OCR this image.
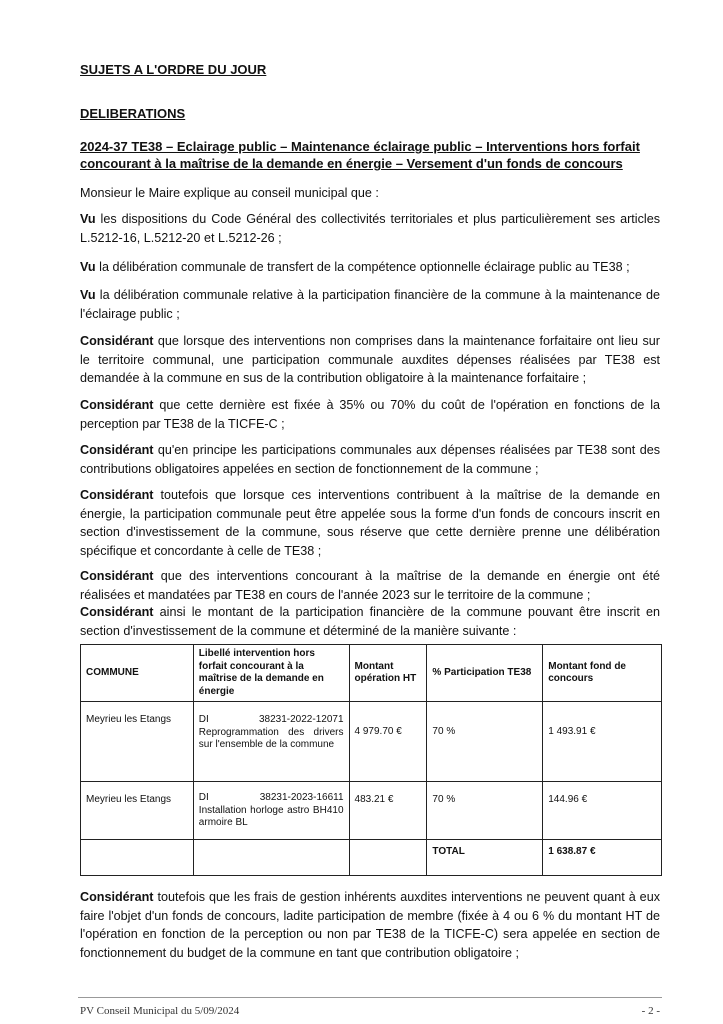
SUJETS A L'ORDRE DU JOUR
DELIBERATIONS
2024-37 TE38 – Eclairage public – Maintenance éclairage public – Interventions hors forfait concourant à la maîtrise de la demande en énergie – Versement d'un fonds de concours
Monsieur le Maire explique au conseil municipal que :
Vu les dispositions du Code Général des collectivités territoriales et plus particulièrement ses articles L.5212-16, L.5212-20 et L.5212-26 ;
Vu la délibération communale de transfert de la compétence optionnelle éclairage public au TE38 ;
Vu la délibération communale relative à la participation financière de la commune à la maintenance de l'éclairage public ;
Considérant que lorsque des interventions non comprises dans la maintenance forfaitaire ont lieu sur le territoire communal, une participation communale auxdites dépenses réalisées par TE38 est demandée à la commune en sus de la contribution obligatoire à la maintenance forfaitaire ;
Considérant que cette dernière est fixée à 35% ou 70% du coût de l'opération en fonctions de la perception par TE38 de la TICFE-C ;
Considérant qu'en principe les participations communales aux dépenses réalisées par TE38 sont des contributions obligatoires appelées en section de fonctionnement de la commune ;
Considérant toutefois que lorsque ces interventions contribuent à la maîtrise de la demande en énergie, la participation communale peut être appelée sous la forme d'un fonds de concours inscrit en section d'investissement de la commune, sous réserve que cette dernière prenne une délibération spécifique et concordante à celle de TE38 ;
Considérant que des interventions concourant à la maîtrise de la demande en énergie ont été réalisées et mandatées par TE38 en cours de l'année 2023 sur le territoire de la commune ;
Considérant ainsi le montant de la participation financière de la commune pouvant être inscrit en section d'investissement de la commune et déterminé de la manière suivante :
COMMUNE	Libellé intervention hors forfait concourant à la maîtrise de la demande en énergie	Montant opération HT	% Participation TE38	Montant fond de concours
Meyrieu les Etangs	DI 38231-2022-12071 Reprogrammation des drivers sur l'ensemble de la commune	4 979.70 €	70 %	1 493.91 €
Meyrieu les Etangs	DI 38231-2023-16611 Installation horloge astro BH410 armoire BL	483.21 €	70 %	144.96 €
			TOTAL	1 638.87 €
Considérant toutefois que les frais de gestion inhérents auxdites interventions ne peuvent quant à eux faire l'objet d'un fonds de concours, ladite participation de membre (fixée à 4 ou 6 % du montant HT de l'opération en fonction de la perception ou non par TE38 de la TICFE-C) sera appelée en section de fonctionnement du budget de la commune en tant que contribution obligatoire ;
PV Conseil Municipal du 5/09/2024	- 2 -
